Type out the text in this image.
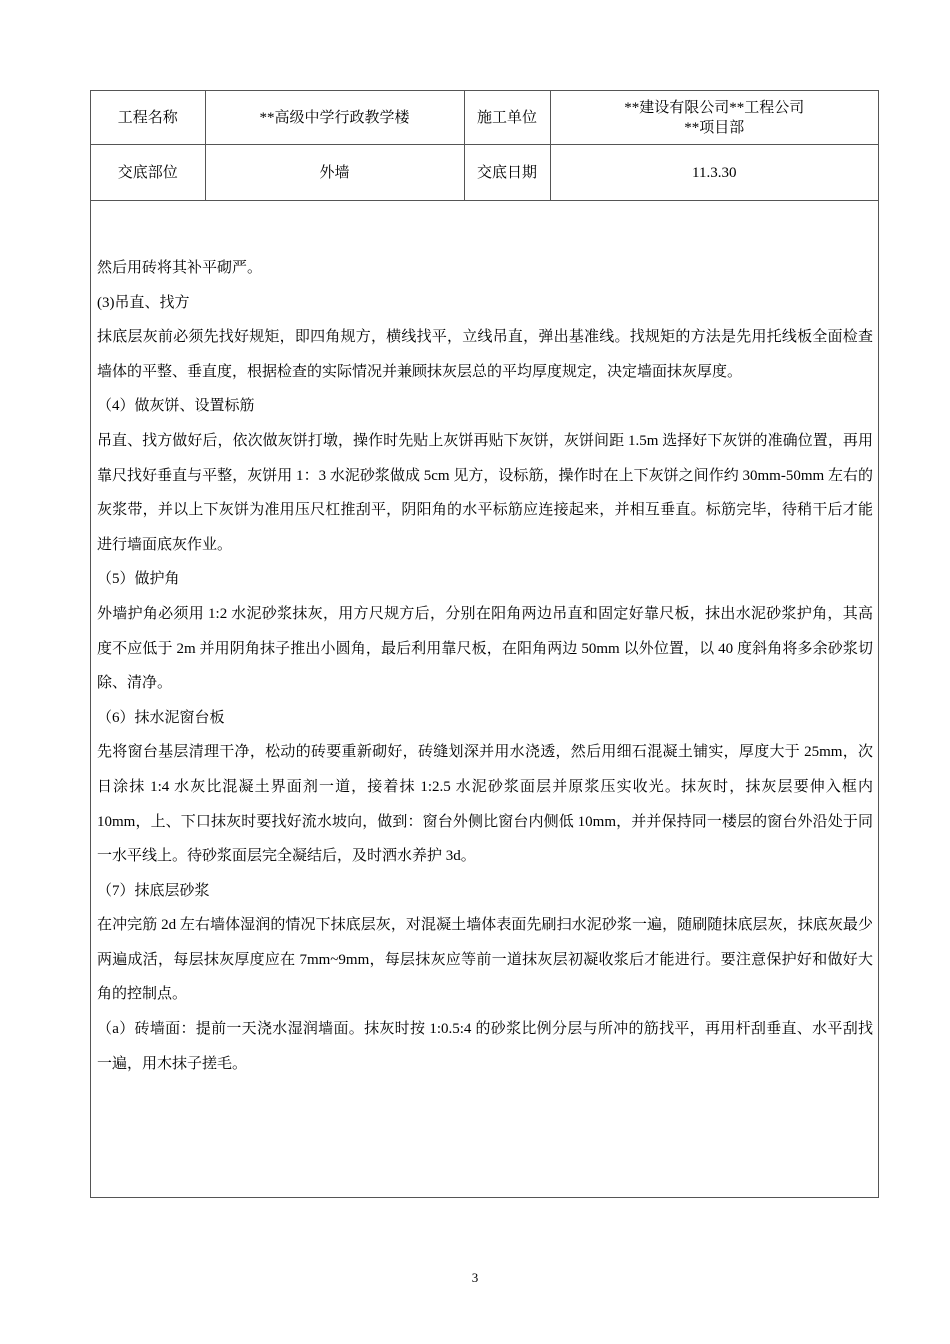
工程名称	**高级中学行政教学楼	施工单位	**建设有限公司**工程公司
**项目部

交底部位	外墙	交底日期	11.3.30

然后用砖将其补平砌严。

(3)吊直、找方

抹底层灰前必须先找好规矩，即四角规方，横线找平，立线吊直，弹出基准线。找规矩的方法是先用托线板全面检查墙体的平整、垂直度，根据检查的实际情况并兼顾抹灰层总的平均厚度规定，决定墙面抹灰厚度。

（4）做灰饼、设置标筋

吊直、找方做好后，依次做灰饼打墩，操作时先贴上灰饼再贴下灰饼，灰饼间距 1.5m 选择好下灰饼的准确位置，再用靠尺找好垂直与平整，灰饼用 1：3 水泥砂浆做成 5cm 见方，设标筋，操作时在上下灰饼之间作约 30mm-50mm 左右的灰浆带，并以上下灰饼为准用压尺杠推刮平，阴阳角的水平标筋应连接起来，并相互垂直。标筋完毕，待稍干后才能进行墙面底灰作业。

（5）做护角

外墙护角必须用 1:2 水泥砂浆抹灰，用方尺规方后，分别在阳角两边吊直和固定好靠尺板，抹出水泥砂浆护角，其高度不应低于 2m 并用阴角抹子推出小圆角，最后利用靠尺板，在阳角两边 50mm 以外位置，以 40 度斜角将多余砂浆切除、清净。

（6）抹水泥窗台板

先将窗台基层清理干净，松动的砖要重新砌好，砖缝划深并用水浇透，然后用细石混凝土铺实，厚度大于 25mm，次日涂抹 1:4 水灰比混凝土界面剂一道，接着抹 1:2.5 水泥砂浆面层并原浆压实收光。抹灰时，抹灰层要伸入框内 10mm，上、下口抹灰时要找好流水坡向，做到：窗台外侧比窗台内侧低 10mm，并并保持同一楼层的窗台外沿处于同一水平线上。待砂浆面层完全凝结后，及时洒水养护 3d。

（7）抹底层砂浆

在冲完筋 2d 左右墙体湿润的情况下抹底层灰，对混凝土墙体表面先刷扫水泥砂浆一遍，随刷随抹底层灰，抹底灰最少两遍成活，每层抹灰厚度应在 7mm~9mm，每层抹灰应等前一道抹灰层初凝收浆后才能进行。要注意保护好和做好大角的控制点。

（a）砖墙面：提前一天浇水湿润墙面。抹灰时按 1:0.5:4 的砂浆比例分层与所冲的筋找平，再用杆刮垂直、水平刮找一遍，用木抹子搓毛。

3
